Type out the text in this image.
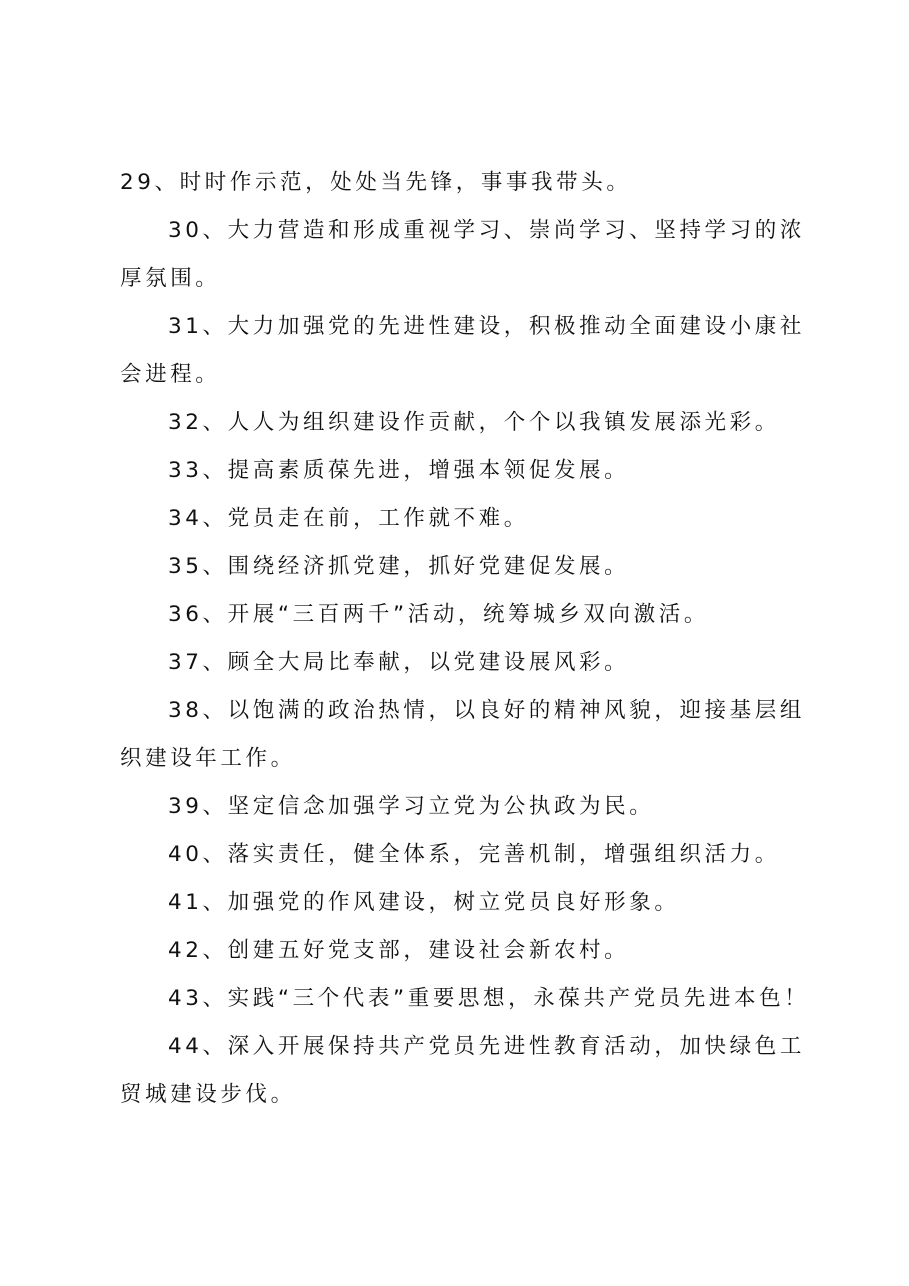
29、时时作示范，处处当先锋，事事我带头。
30、大力营造和形成重视学习、崇尚学习、坚持学习的浓
厚氛围。
31、大力加强党的先进性建设，积极推动全面建设小康社
会进程。
32、人人为组织建设作贡献，个个以我镇发展添光彩。
33、提高素质葆先进，增强本领促发展。
34、党员走在前，工作就不难。
35、围绕经济抓党建，抓好党建促发展。
36、开展“三百两千”活动，统筹城乡双向激活。
37、顾全大局比奉献，以党建设展风彩。
38、以饱满的政治热情，以良好的精神风貌，迎接基层组
织建设年工作。
39、坚定信念加强学习立党为公执政为民。
40、落实责任，健全体系，完善机制，增强组织活力。
41、加强党的作风建设，树立党员良好形象。
42、创建五好党支部，建设社会新农村。
43、实践“三个代表”重要思想，永葆共产党员先进本色！
44、深入开展保持共产党员先进性教育活动，加快绿色工
贸城建设步伐。
